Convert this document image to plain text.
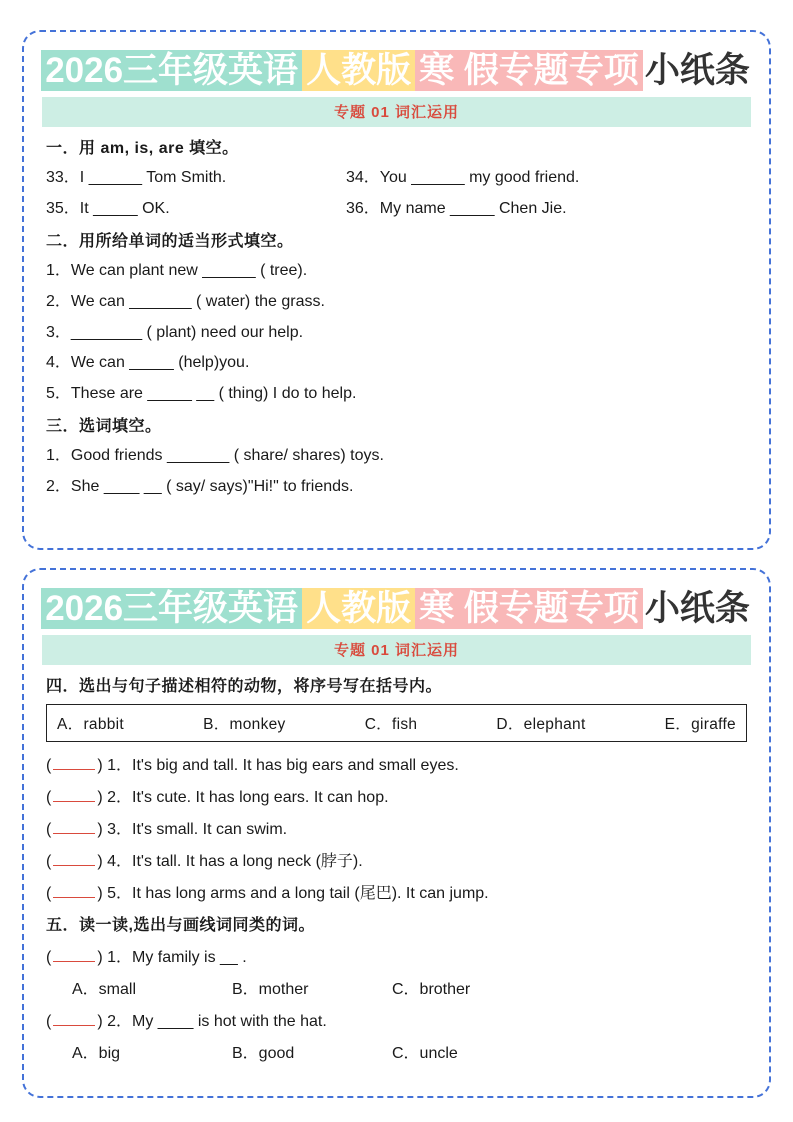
2026三年级英语 人教版 寒 假专题专项 小纸条
专题 01 词汇运用
一．用 am, is, are 填空。
33．I ______ Tom Smith.	34．You ______ my good friend.
35．It _____ OK.	36．My name _____ Chen Jie.
二．用所给单词的适当形式填空。
1．We can plant new ______ ( tree).
2．We can _______ ( water) the grass.
3．________ ( plant) need our help.
4．We can _____ (help)you.
5．These are _____ __ ( thing) I do to help.
三．选词填空。
1．Good friends _______ ( share/ shares) toys.
2．She ____ __ ( say/ says)"Hi!" to friends.
2026三年级英语 人教版 寒 假专题专项 小纸条
专题 01 词汇运用
四．选出与句子描述相符的动物，将序号写在括号内。
A．rabbit	B．monkey	C．fish	D．elephant	E．giraffe
(	) 1．It's big and tall. It has big ears and small eyes.
(	) 2．It's cute. It has long ears. It can hop.
(	) 3．It's small. It can swim.
(	) 4．It's tall. It has a long neck (脖子).
(	) 5．It has long arms and a long tail (尾巴). It can jump.
五．读一读,选出与画线词同类的词。
(	) 1．My family is __ .
A．small	B．mother	C．brother
(	) 2．My ____ is hot with the hat.
A．big	B．good	C．uncle
